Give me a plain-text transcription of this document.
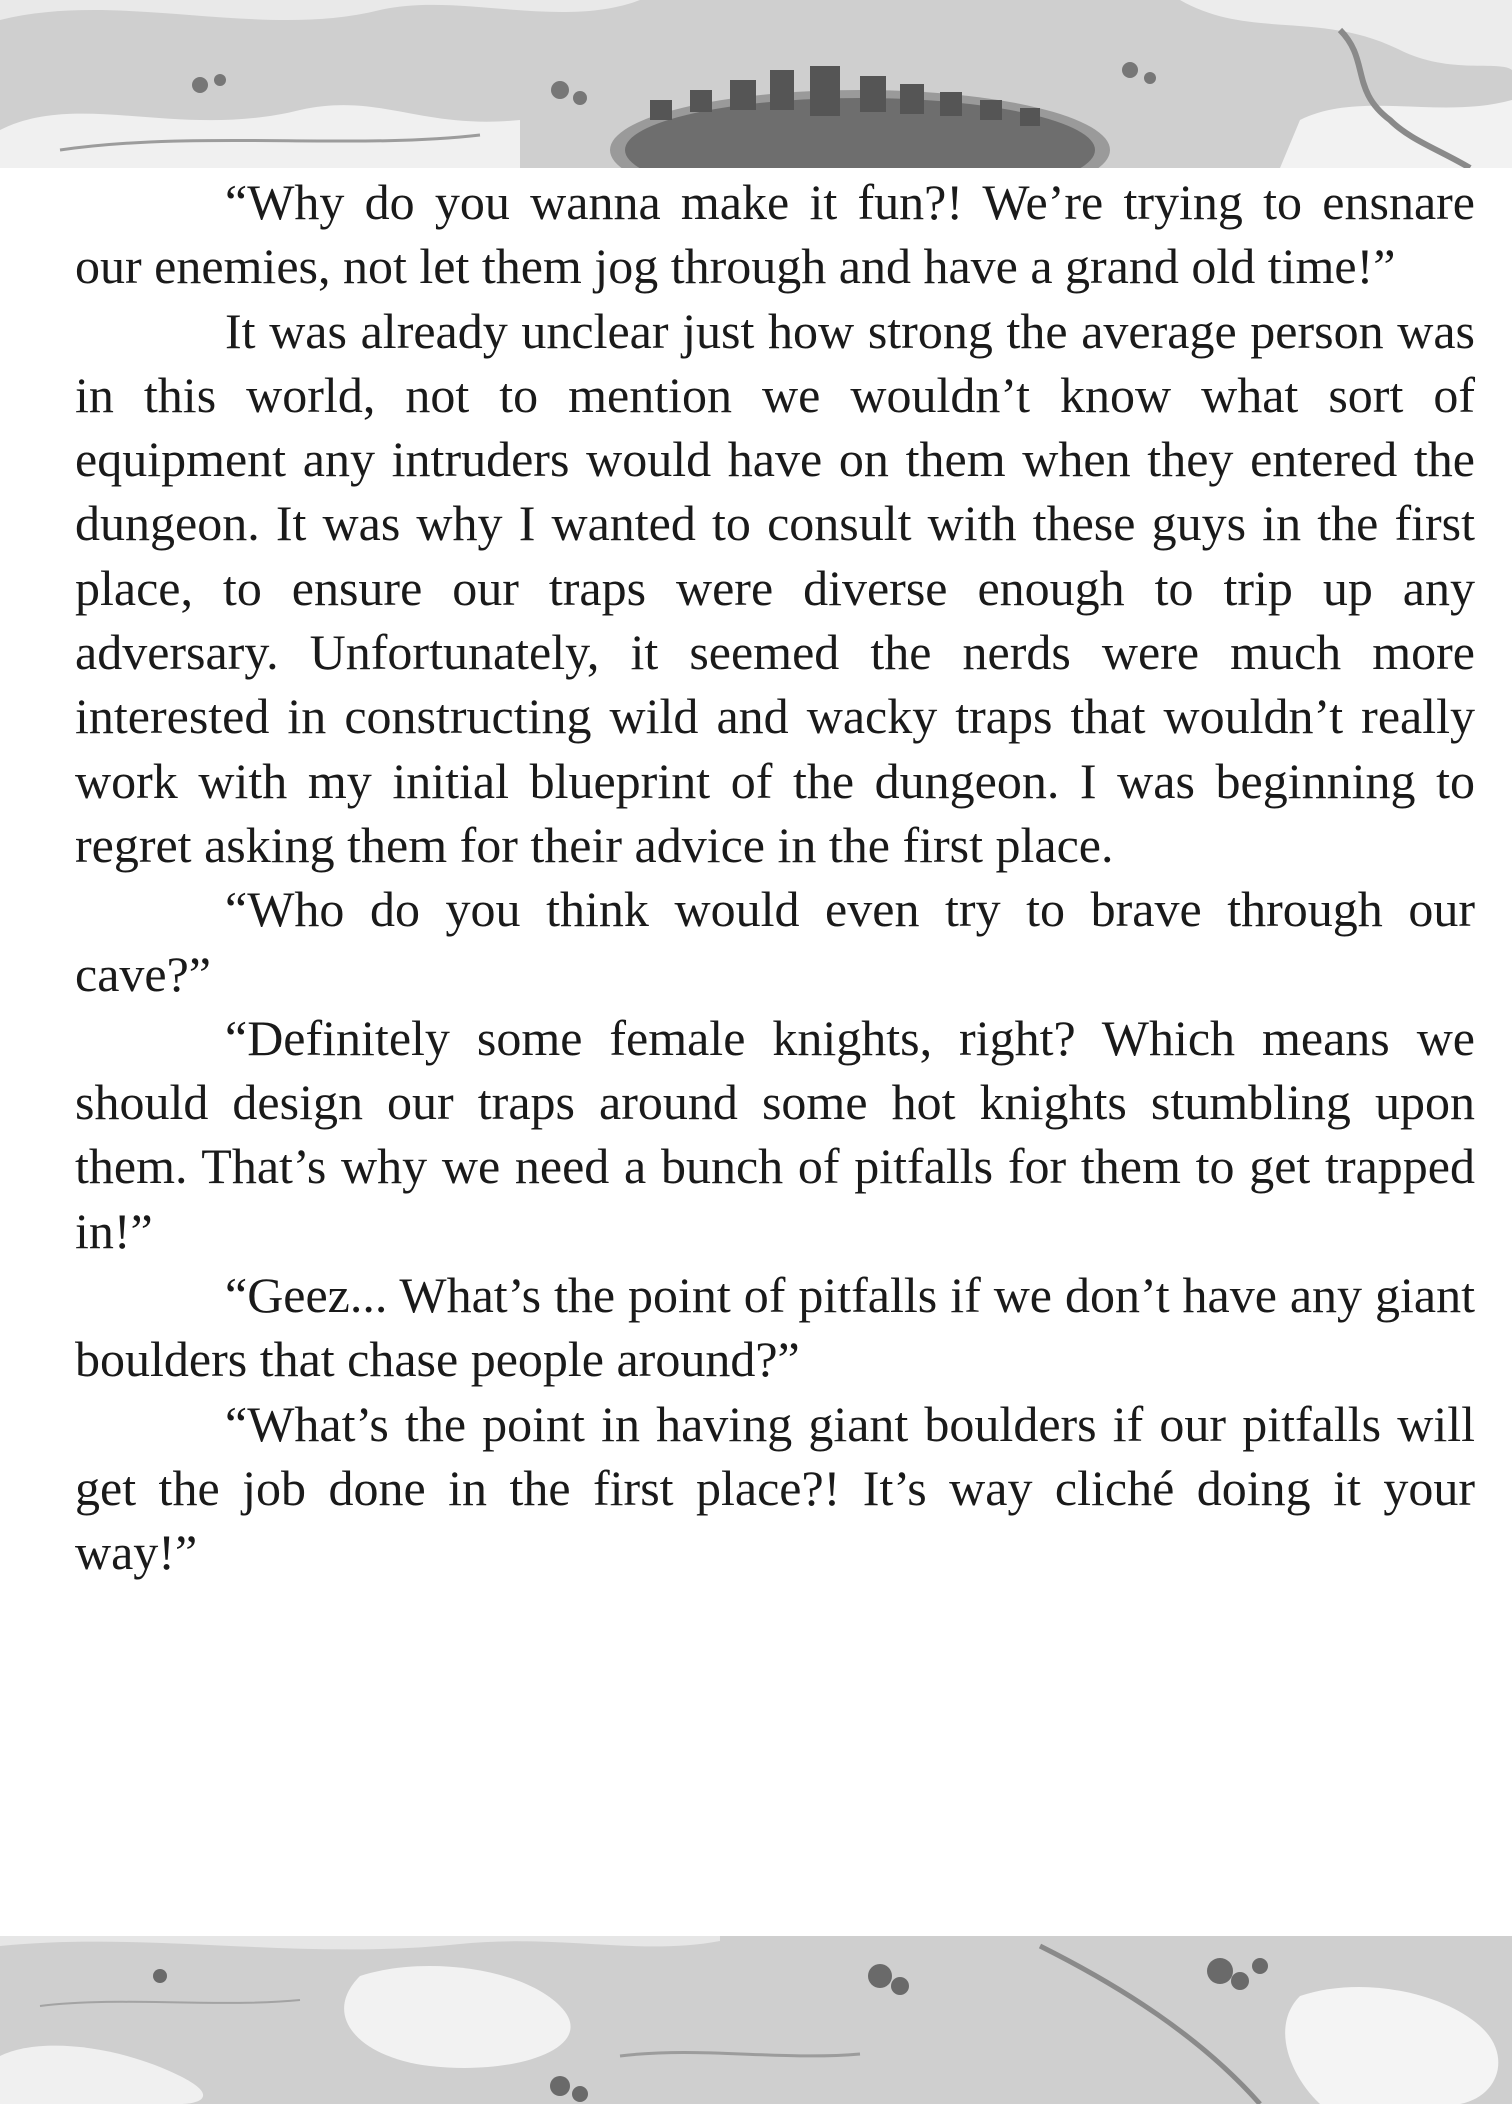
“Why do you wanna make it fun?! We’re trying to ensnare our enemies, not let them jog through and have a grand old time!”

It was already unclear just how strong the average person was in this world, not to mention we wouldn’t know what sort of equipment any intruders would have on them when they entered the dungeon. It was why I wanted to consult with these guys in the first place, to ensure our traps were diverse enough to trip up any adversary. Unfortunately, it seemed the nerds were much more interested in constructing wild and wacky traps that wouldn’t really work with my initial blueprint of the dungeon. I was beginning to regret asking them for their advice in the first place.

“Who do you think would even try to brave through our cave?”

“Definitely some female knights, right? Which means we should design our traps around some hot knights stumbling upon them. That’s why we need a bunch of pitfalls for them to get trapped in!”

“Geez... What’s the point of pitfalls if we don’t have any giant boulders that chase people around?”

“What’s the point in having giant boulders if our pitfalls will get the job done in the first place?! It’s way cliché doing it your way!”
